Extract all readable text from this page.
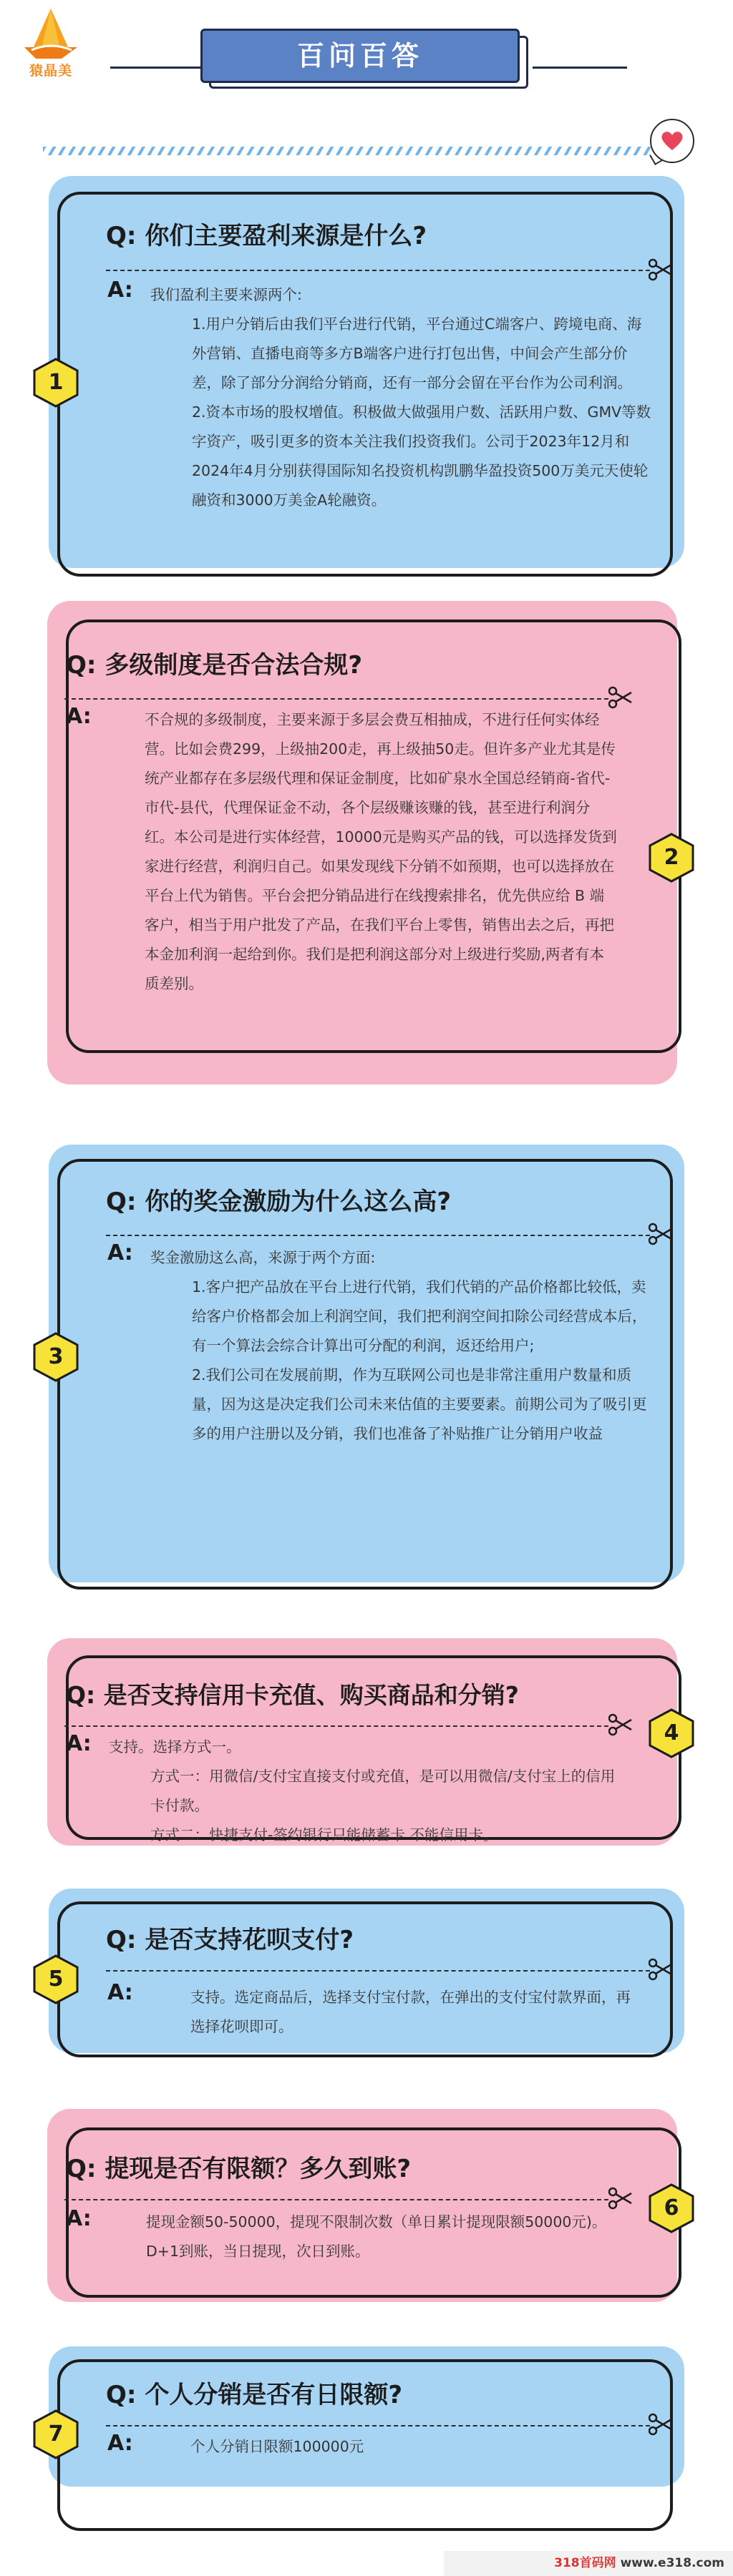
猿晶美	百问百答
1
Q: 你们主要盈利来源是什么?
A: 我们盈利主要来源两个:

1.用户分销后由我们平台进行代销，平台通过C端客户、跨境电商、海外营销、直播电商等多方B端客户进行打包出售，中间会产生部分价差，除了部分分润给分销商，还有一部分会留在平台作为公司利润。

2.资本市场的股权增值。积极做大做强用户数、活跃用户数、GMV等数字资产，吸引更多的资本关注我们投资我们。公司于2023年12月和2024年4月分别获得国际知名投资机构凯鹏华盈投资500万美元天使轮融资和3000万美金A轮融资。

2
Q: 多级制度是否合法合规?
A:	不合规的多级制度，主要来源于多层会费互相抽成，不进行任何实体经营。比如会费299，上级抽200走，再上级抽50走。但许多产业尤其是传统产业都存在多层级代理和保证金制度，比如矿泉水全国总经销商-省代-市代-县代，代理保证金不动，各个层级赚该赚的钱，甚至进行利润分红。本公司是进行实体经营，10000元是购买产品的钱，可以选择发货到家进行经营，利润归自己。如果发现线下分销不如预期，也可以选择放在平台上代为销售。平台会把分销品进行在线搜索排名，优先供应给 B 端客户，相当于用户批发了产品，在我们平台上零售，销售出去之后，再把本金加利润一起给到你。我们是把利润这部分对上级进行奖励,两者有本质差别。

3
Q: 你的奖金激励为什么这么高?
A: 奖金激励这么高，来源于两个方面:

1.客户把产品放在平台上进行代销，我们代销的产品价格都比较低，卖给客户价格都会加上利润空间，我们把利润空间扣除公司经营成本后，有一个算法会综合计算出可分配的利润，返还给用户;

2.我们公司在发展前期，作为互联网公司也是非常注重用户数量和质量，因为这是决定我们公司未来估值的主要要素。前期公司为了吸引更多的用户注册以及分销，我们也准备了补贴推广让分销用户收益

4
Q: 是否支持信用卡充值、购买商品和分销?
A: 支持。选择方式一。

方式一：用微信/支付宝直接支付或充值，是可以用微信/支付宝上的信用卡付款。

方式二：快捷支付-签约银行只能储蓄卡 不能信用卡。

5
Q: 是否支持花呗支付?
A:	支持。选定商品后，选择支付宝付款，在弹出的支付宝付款界面，再选择花呗即可。

6
Q: 提现是否有限额？多久到账?
A:	提现金额50-50000，提现不限制次数（单日累计提现限额50000元)。

D+1到账，当日提现，次日到账。

7
Q: 个人分销是否有日限额?
A:	个人分销日限额100000元

318首码网 www.e318.com
